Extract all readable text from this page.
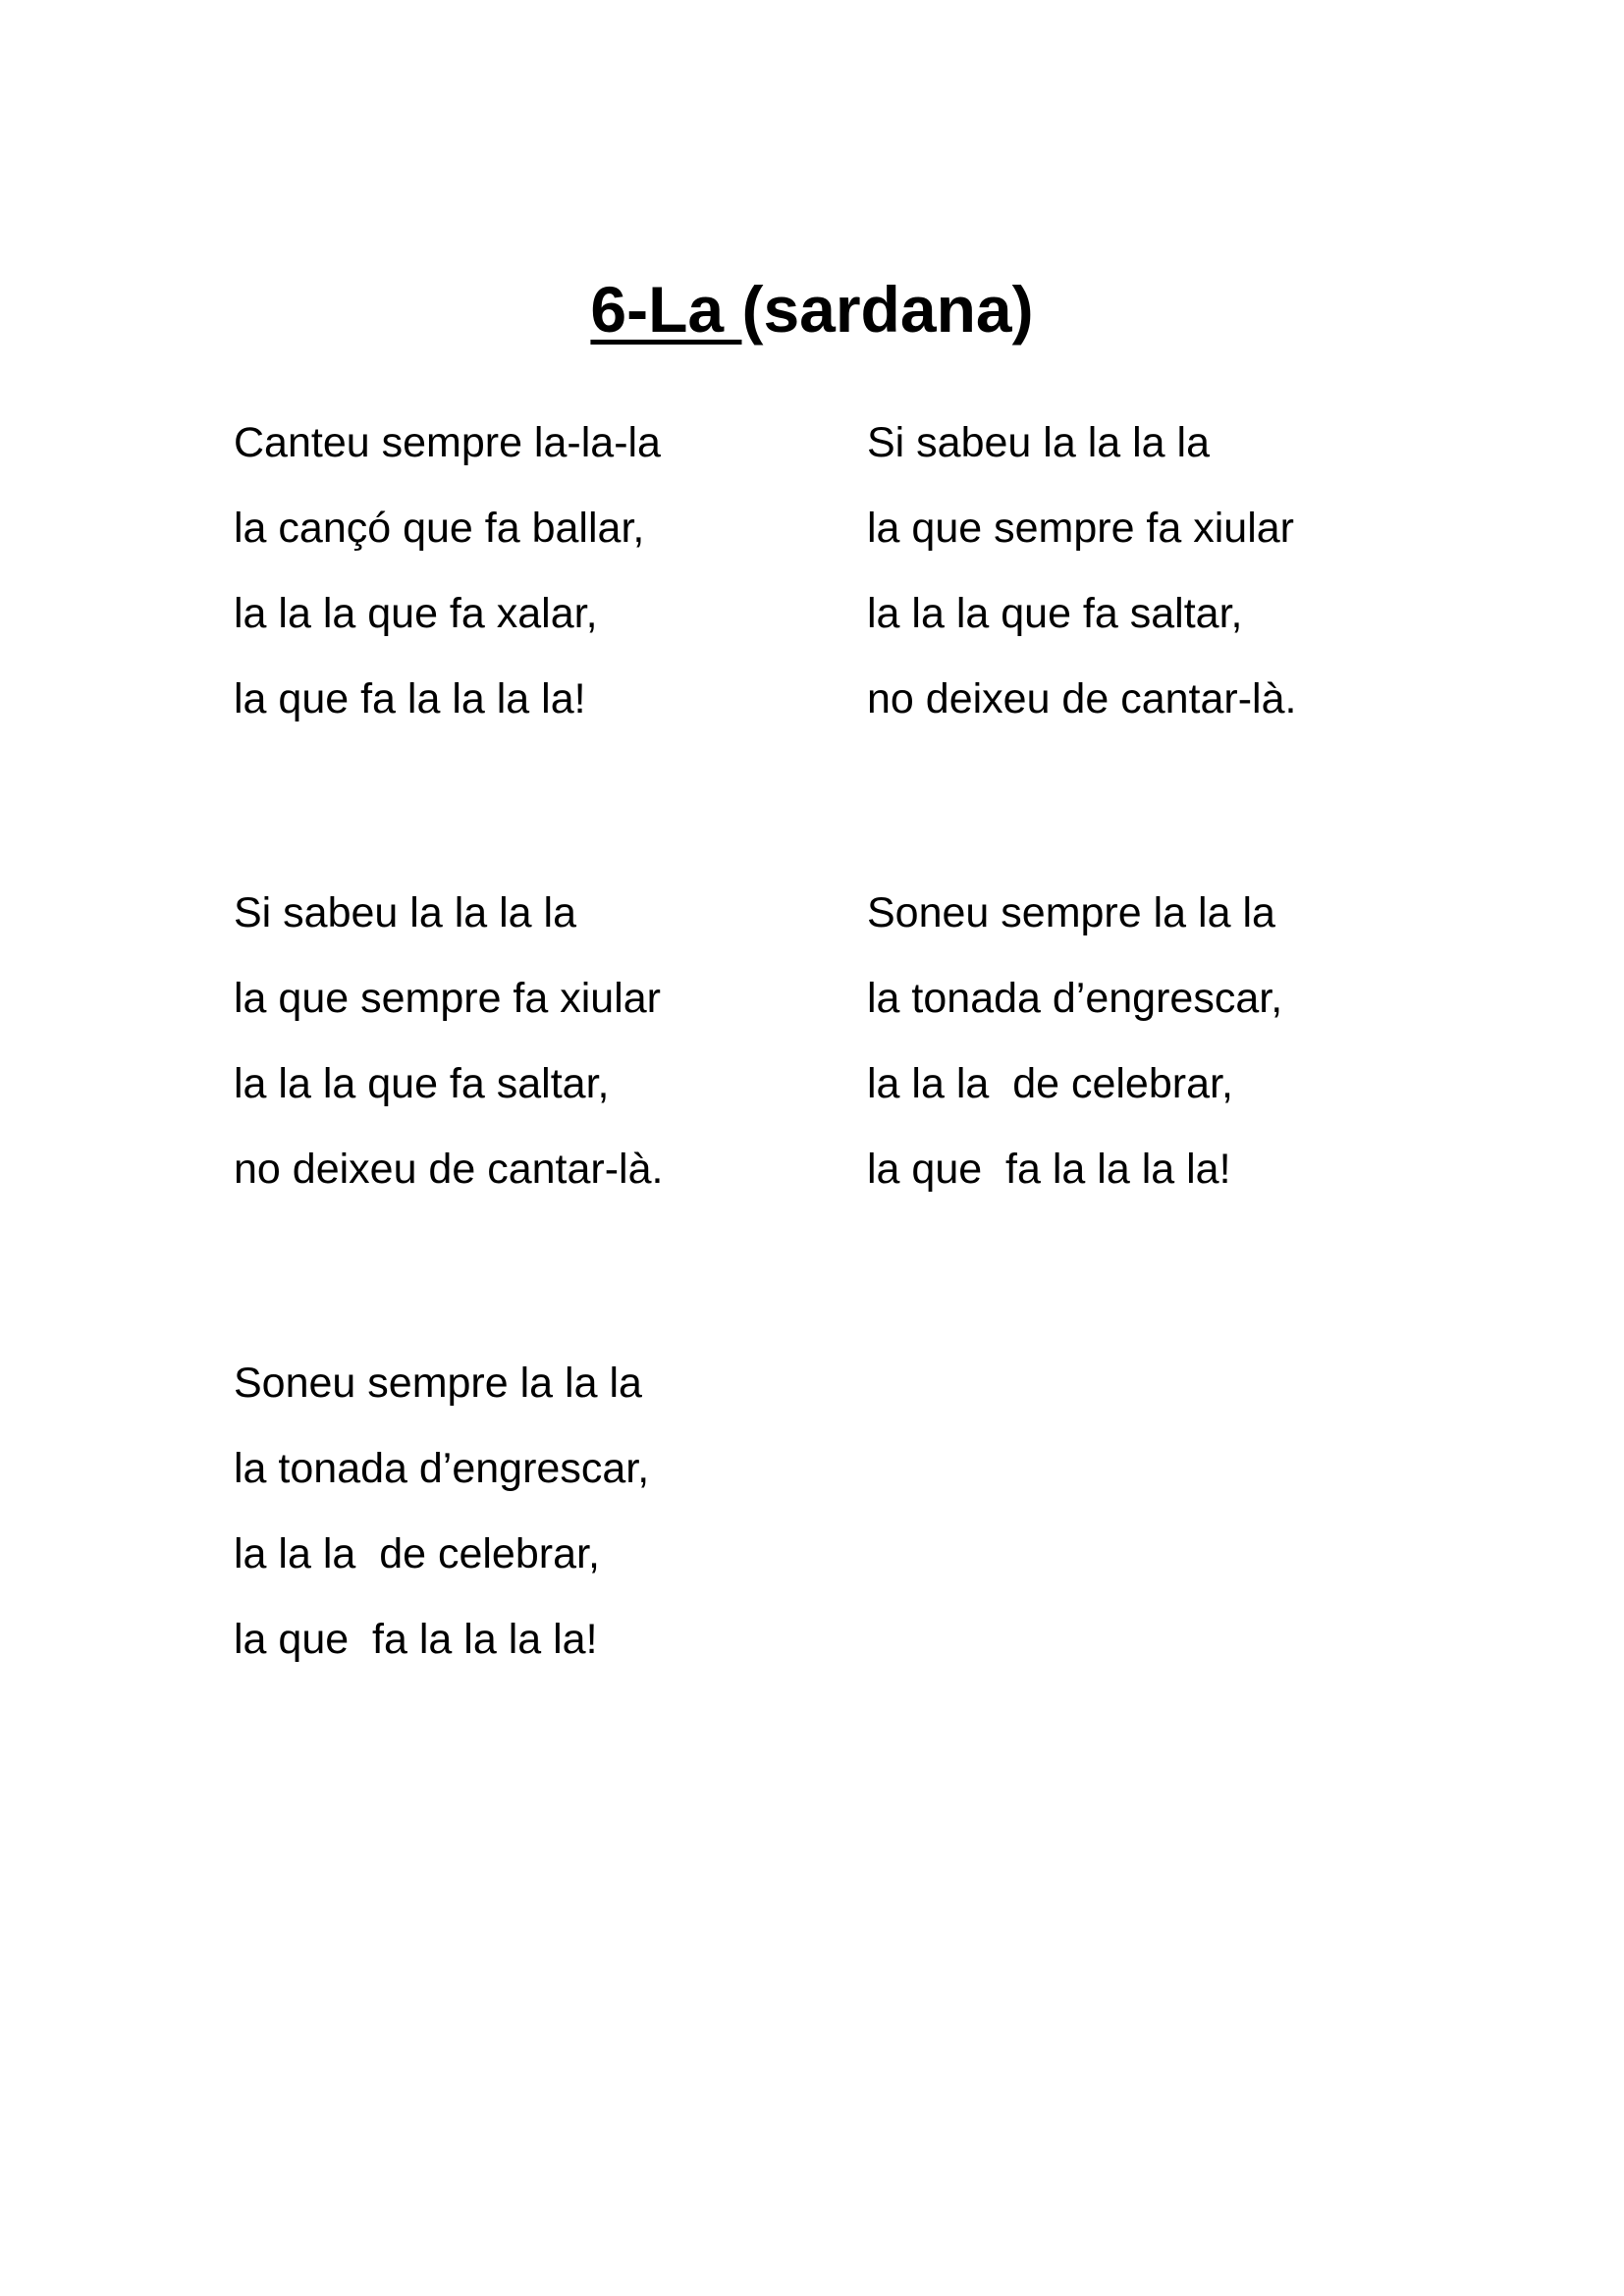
6-La (sardana)
Canteu sempre la-la-la
la cançó que fa ballar,
la la la que fa xalar,
la que fa la la la la!
Si sabeu la la la la
la que sempre fa xiular
la la la que fa saltar,
no deixeu de cantar-là.
Soneu sempre la la la
la tonada d’engrescar,
la la la  de celebrar,
la que  fa la la la la!
Si sabeu la la la la
la que sempre fa xiular
la la la que fa saltar,
no deixeu de cantar-là.
Soneu sempre la la la
la tonada d’engrescar,
la la la  de celebrar,
la que  fa la la la la!
